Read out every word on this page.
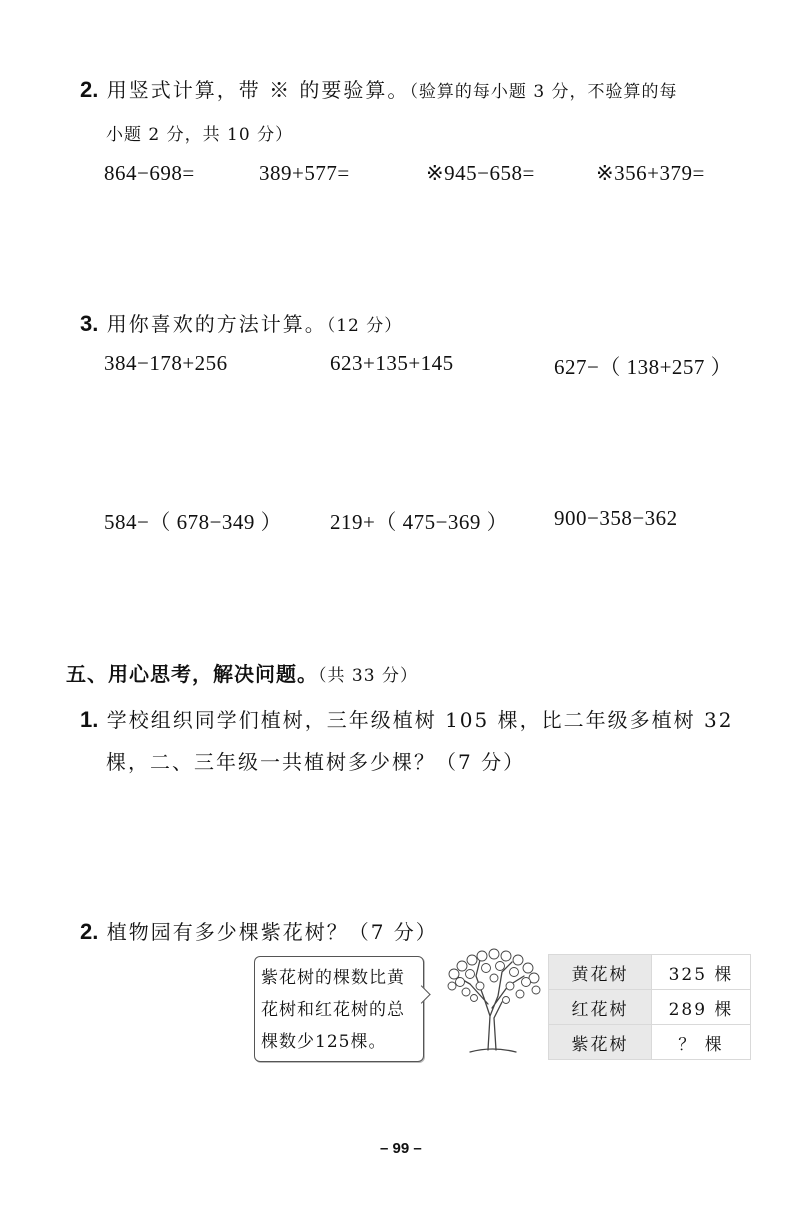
2. 用竖式计算，带 ※ 的要验算。（验算的每小题 3 分，不验算的每
小题 2 分，共 10 分）
864−698=	389+577=	※945−658=	※356+379=
3. 用你喜欢的方法计算。（12 分）
384−178+256	623+135+145	627−（ 138+257 ）
584−（ 678−349 ） 219+（ 475−369 ） 900−358−362
五、用心思考，解决问题。（共 33 分）
1. 学校组织同学们植树，三年级植树 105 棵，比二年级多植树 32
棵，二、三年级一共植树多少棵？（7 分）
2. 植物园有多少棵紫花树？（7 分）
紫花树的棵数比黄
花树和红花树的总
棵数少125棵。
黄花树	325 棵
红花树	289 棵
紫花树	？ 棵
– 99 –
